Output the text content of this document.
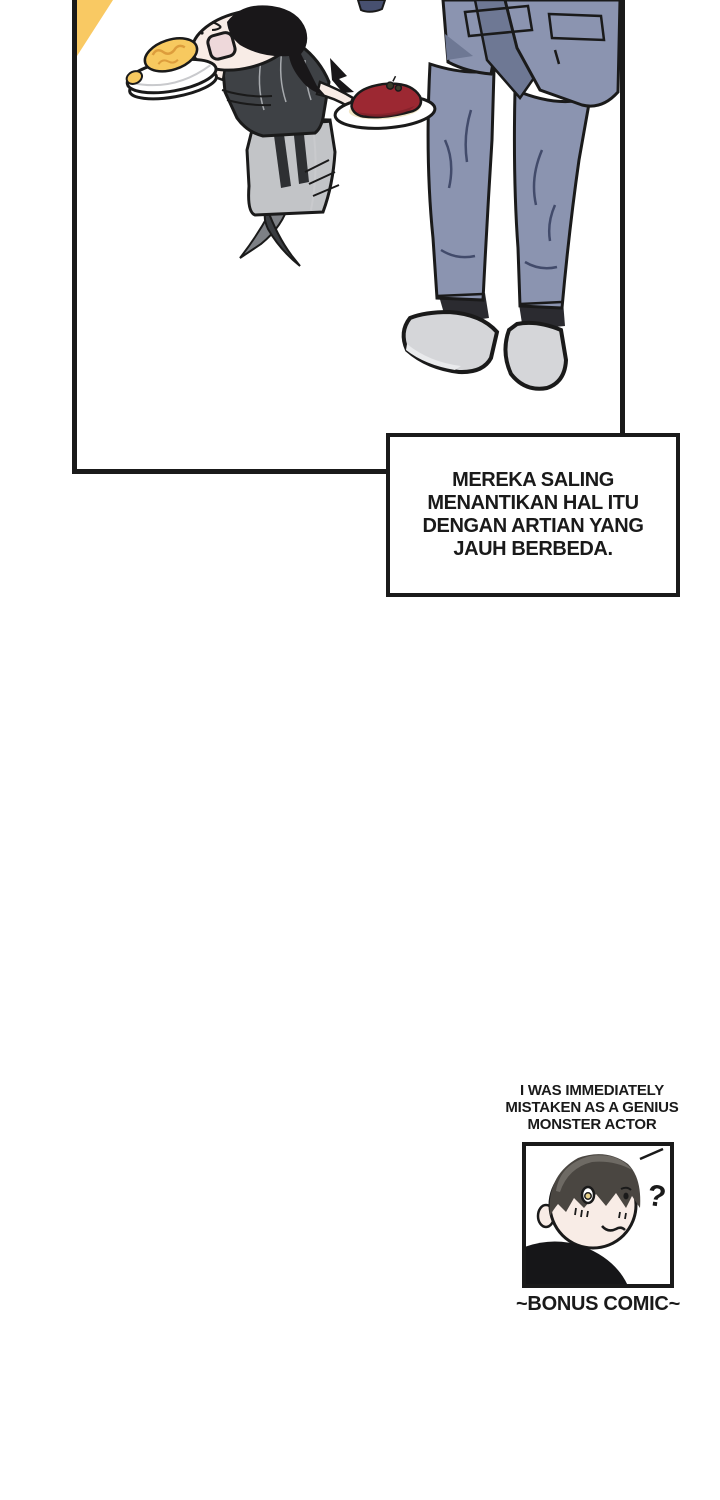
MEREKA SALING

MENANTIKAN HAL ITU

DENGAN ARTIAN YANG

JAUH BERBEDA.

I WAS IMMEDIATELY

MISTAKEN AS A GENIUS

MONSTER ACTOR

?
~BONUS COMIC~
